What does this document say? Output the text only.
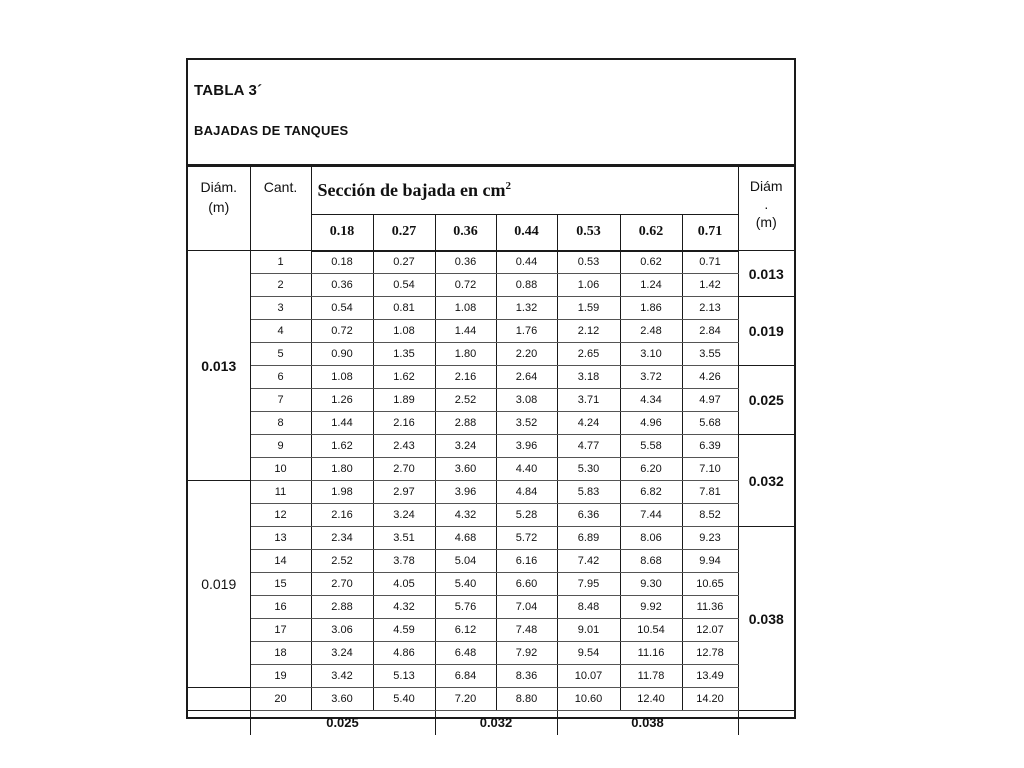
TABLA 3´
BAJADAS DE TANQUES
Diám.
(m)	Cant.	Sección de bajada en $cm^2$							Diám
.
(m)
		0.18	0.27	0.36	0.44	0.53	0.62	0.71	
0.013	1	0.18	0.27	0.36	0.44	0.53	0.62	0.71	0.013
	2	0.36	0.54	0.72	0.88	1.06	1.24	1.42	
	3	0.54	0.81	1.08	1.32	1.59	1.86	2.13	0.019
	4	0.72	1.08	1.44	1.76	2.12	2.48	2.84	
	5	0.90	1.35	1.80	2.20	2.65	3.10	3.55	
	6	1.08	1.62	2.16	2.64	3.18	3.72	4.26	0.025
	7	1.26	1.89	2.52	3.08	3.71	4.34	4.97	
	8	1.44	2.16	2.88	3.52	4.24	4.96	5.68	
	9	1.62	2.43	3.24	3.96	4.77	5.58	6.39	0.032
	10	1.80	2.70	3.60	4.40	5.30	6.20	7.10	
0.019	11	1.98	2.97	3.96	4.84	5.83	6.82	7.81	
	12	2.16	3.24	4.32	5.28	6.36	7.44	8.52	
	13	2.34	3.51	4.68	5.72	6.89	8.06	9.23	0.038
	14	2.52	3.78	5.04	6.16	7.42	8.68	9.94	
	15	2.70	4.05	5.40	6.60	7.95	9.30	10.65	
	16	2.88	4.32	5.76	7.04	8.48	9.92	11.36	
	17	3.06	4.59	6.12	7.48	9.01	10.54	12.07	
	18	3.24	4.86	6.48	7.92	9.54	11.16	12.78	
	19	3.42	5.13	6.84	8.36	10.07	11.78	13.49	
	20	3.60	5.40	7.20	8.80	10.60	12.40	14.20	
	0.025			0.032		0.038			
